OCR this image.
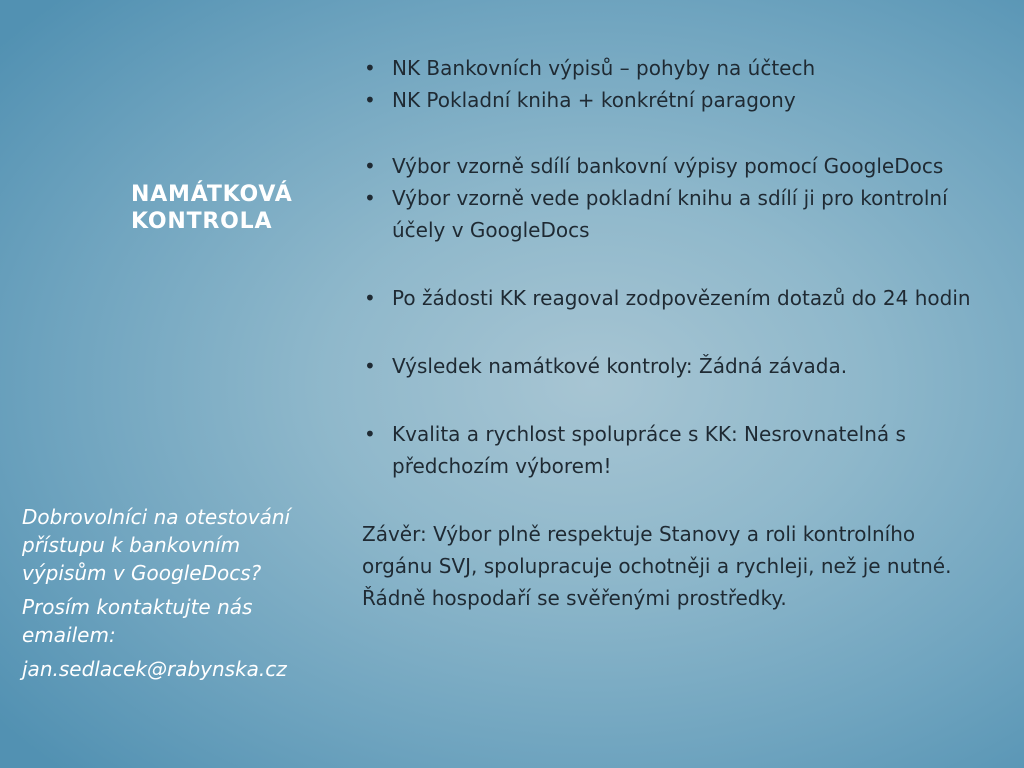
NAMÁTKOVÁ
KONTROLA

Dobrovolníci na otestování přístupu k bankovním výpisům v GoogleDocs?

Prosím kontaktujte nás emailem:

jan.sedlacek@rabynska.cz

• NK Bankovních výpisů – pohyby na účtech
• NK Pokladní kniha + konkrétní paragony
• Výbor vzorně sdílí bankovní výpisy pomocí GoogleDocs
• Výbor vzorně vede pokladní knihu a sdílí ji pro kontrolní účely v GoogleDocs
• Po žádosti KK reagoval zodpovězením dotazů do 24 hodin
• Výsledek namátkové kontroly: Žádná závada.
• Kvalita a rychlost spolupráce s KK: Nesrovnatelná s předchozím výborem!

Závěr: Výbor plně respektuje Stanovy a roli kontrolního orgánu SVJ, spolupracuje ochotněji a rychleji, než je nutné. Řádně hospodaří se svěřenými prostředky.
